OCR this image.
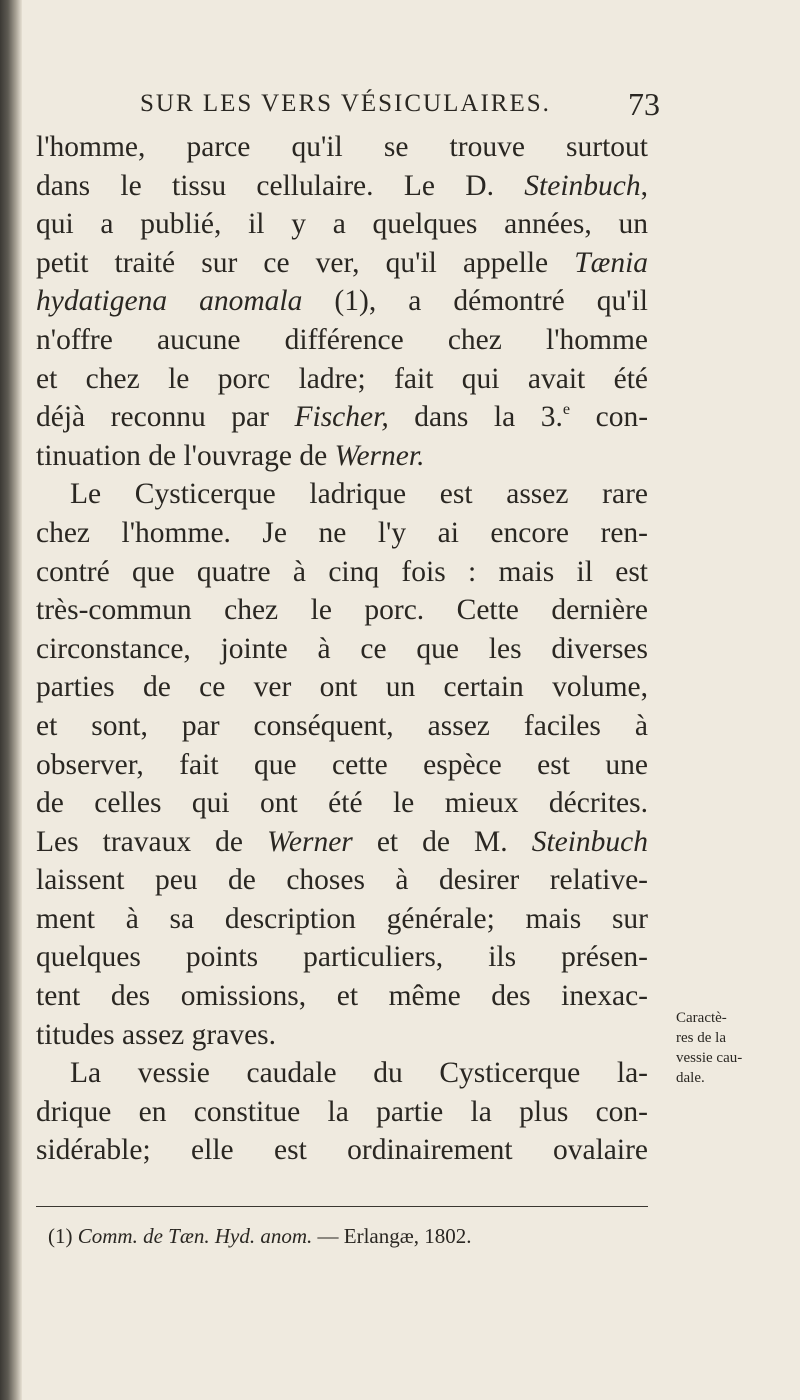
SUR LES VERS VÉSICULAIRES. 73
l'homme, parce qu'il se trouve surtout
dans le tissu cellulaire. Le D. Steinbuch,
qui a publié, il y a quelques années, un
petit traité sur ce ver, qu'il appelle Tænia
hydatigena anomala (1), a démontré qu'il
n'offre aucune différence chez l'homme
et chez le porc ladre; fait qui avait été
déjà reconnu par Fischer, dans la 3.$^e$ con-
tinuation de l'ouvrage de Werner.
Le Cysticerque ladrique est assez rare
chez l'homme. Je ne l'y ai encore ren-
contré que quatre à cinq fois : mais il est
très-commun chez le porc. Cette dernière
circonstance, jointe à ce que les diverses
parties de ce ver ont un certain volume,
et sont, par conséquent, assez faciles à
observer, fait que cette espèce est une
de celles qui ont été le mieux décrites.
Les travaux de Werner et de M. Steinbuch
laissent peu de choses à desirer relative-
ment à sa description générale; mais sur
quelques points particuliers, ils présen-
tent des omissions, et même des inexac-
titudes assez graves.
La vessie caudale du Cysticerque la-
drique en constitue la partie la plus con-
sidérable; elle est ordinairement ovalaire
Caractè-
res de la
vessie cau-
dale.
(1) Comm. de Tæn. Hyd. anom. — Erlangæ, 1802.
